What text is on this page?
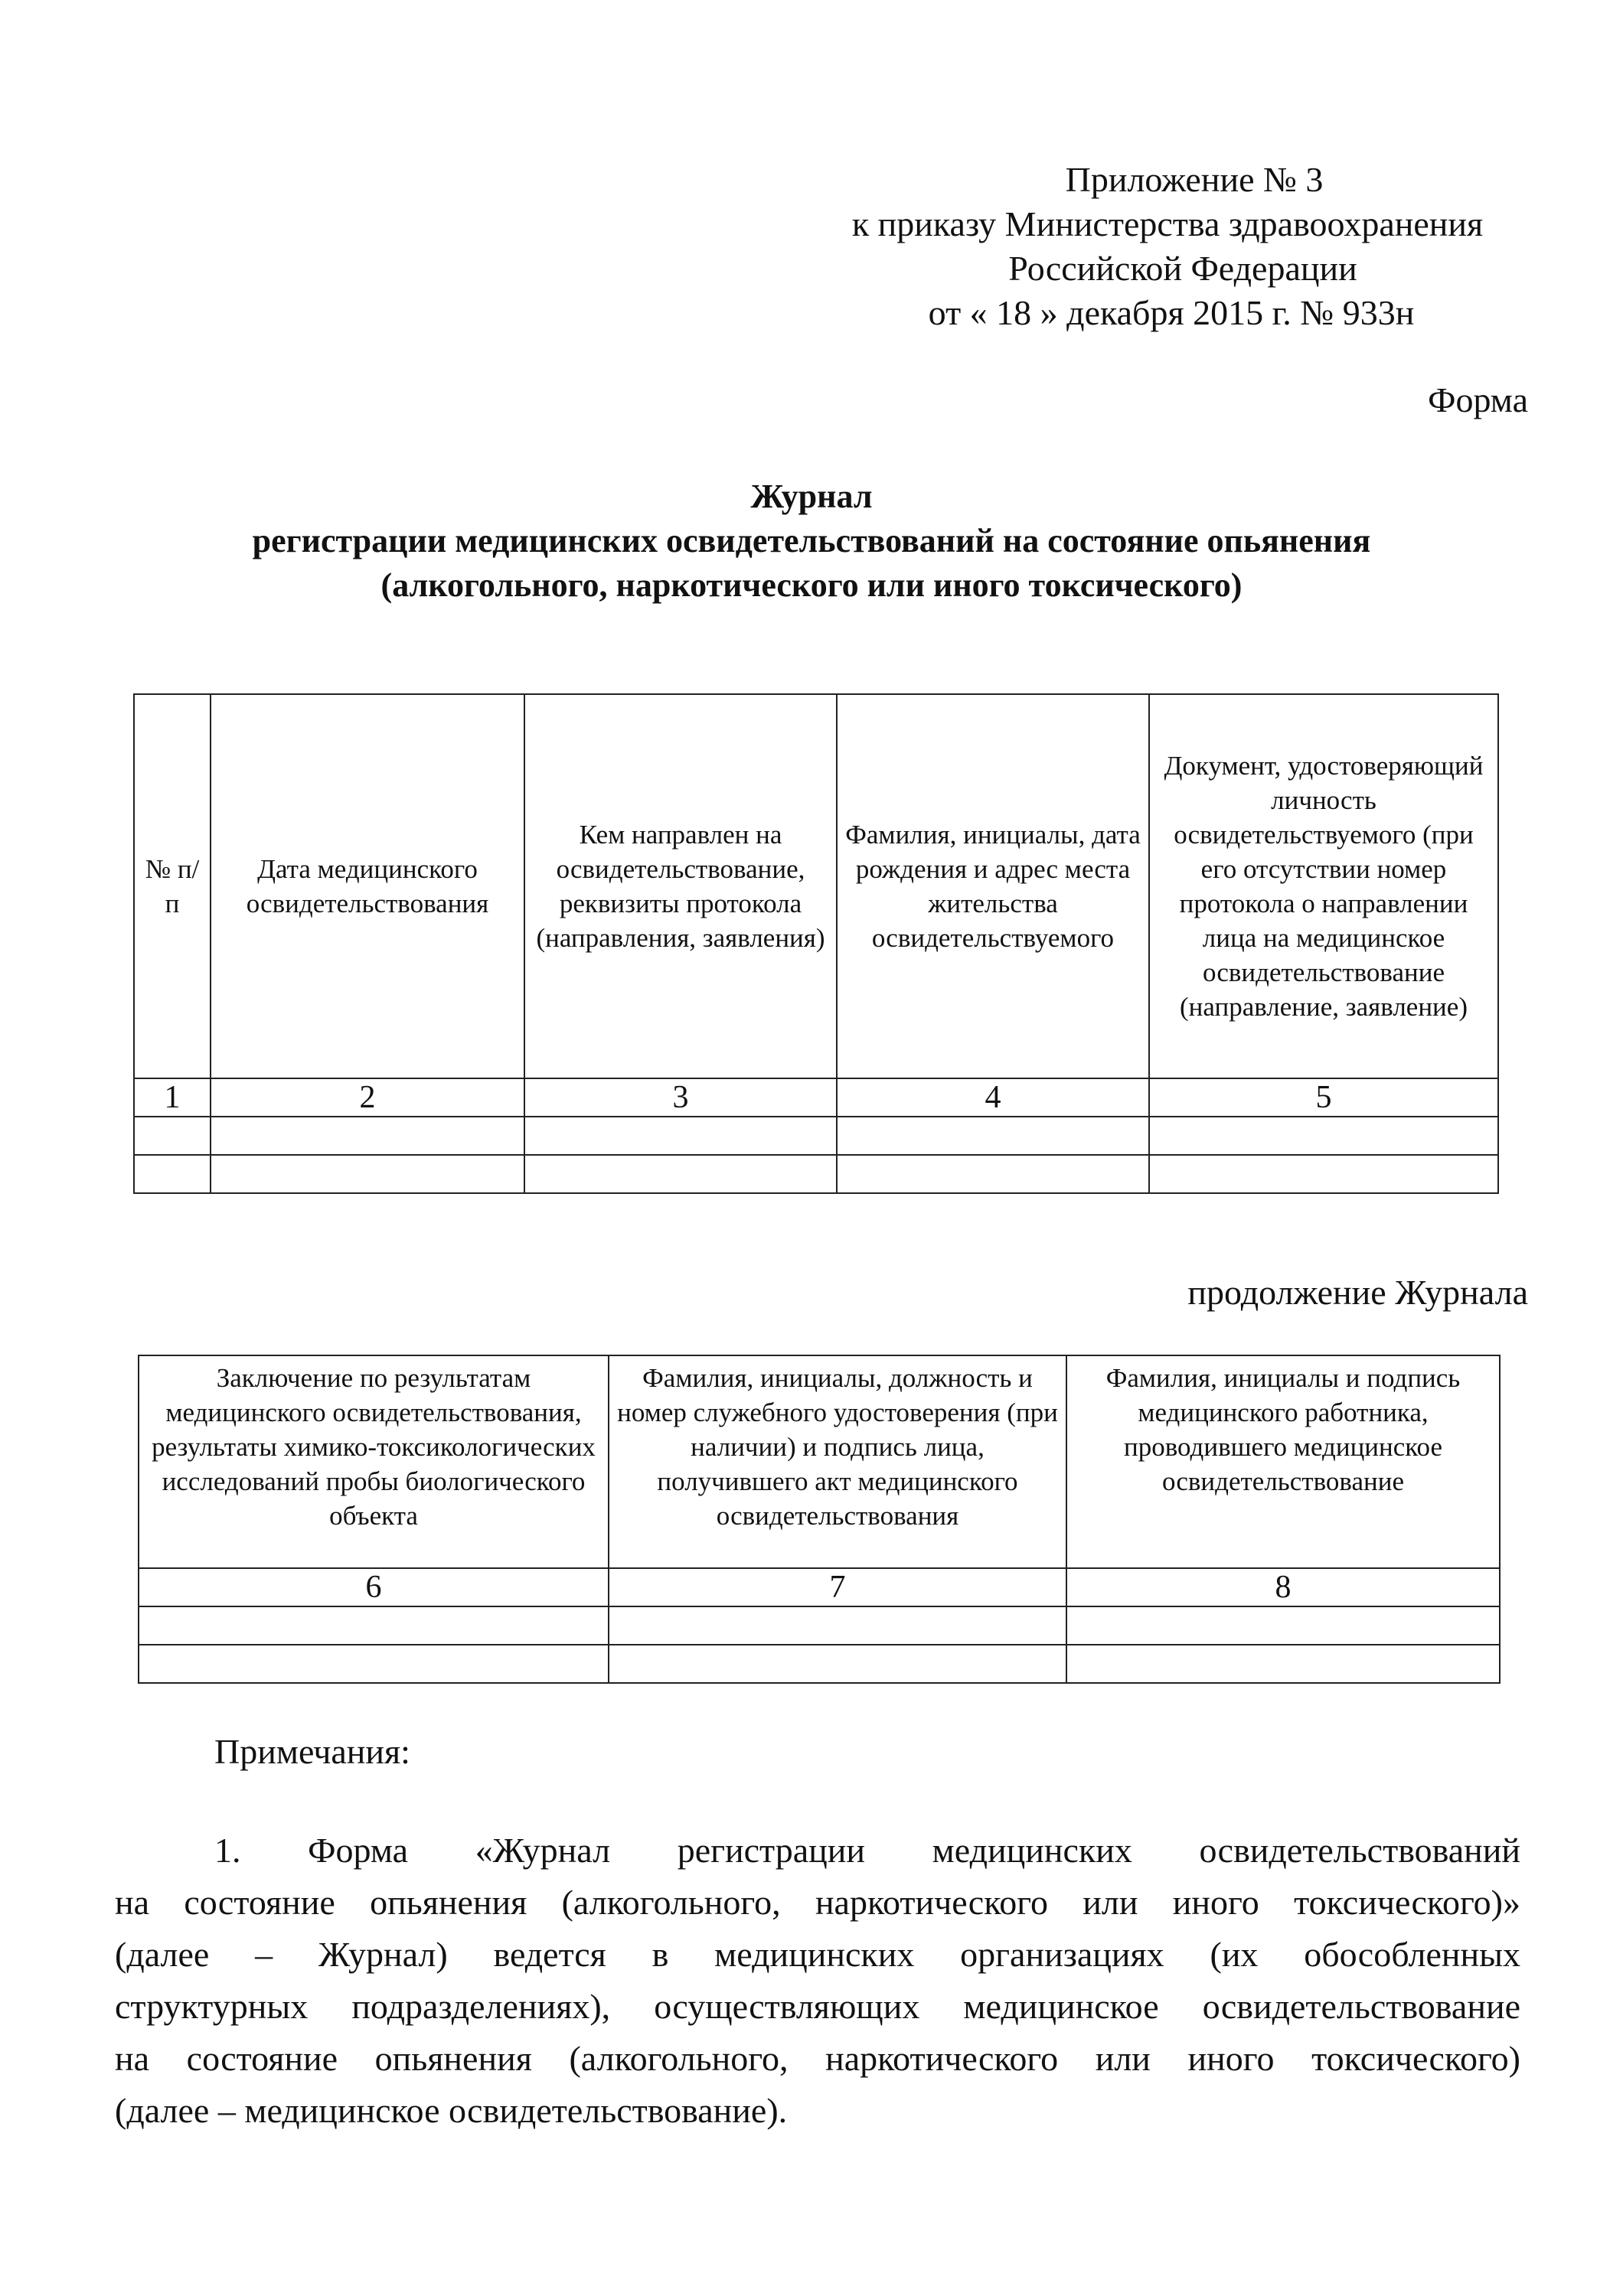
Приложение № 3
к приказу Министерства здравоохранения
Российской Федерации
от « 18 » декабря 2015 г. № 933н
Форма
Журнал
регистрации медицинских освидетельствований на состояние опьянения
(алкогольного, наркотического или иного токсического)
№ п/п	Дата медицинского освидетельствования	Кем направлен на освидетельствование, реквизиты протокола (направления, заявления)	Фамилия, инициалы, дата рождения и адрес места жительства освидетельствуемого	Документ, удостоверяющий личность освидетельствуемого (при его отсутствии номер протокола о направлении лица на медицинское освидетельствование (направление, заявление)
1	2	3	4	5

продолжение Журнала
Заключение по результатам медицинского освидетельствования, результаты химико-токсикологических исследований пробы биологического объекта	Фамилия, инициалы, должность и номер служебного удостоверения (при наличии) и подпись лица, получившего акт медицинского освидетельствования	Фамилия, инициалы и подпись медицинского работника, проводившего медицинское освидетельствование
6	7	8

Примечания:
1. Форма «Журнал регистрации медицинских освидетельствований
на состояние опьянения (алкогольного, наркотического или иного токсического)»
(далее – Журнал) ведется в медицинских организациях (их обособленных
структурных подразделениях), осуществляющих медицинское освидетельствование
на состояние опьянения (алкогольного, наркотического или иного токсического)
(далее – медицинское освидетельствование).
